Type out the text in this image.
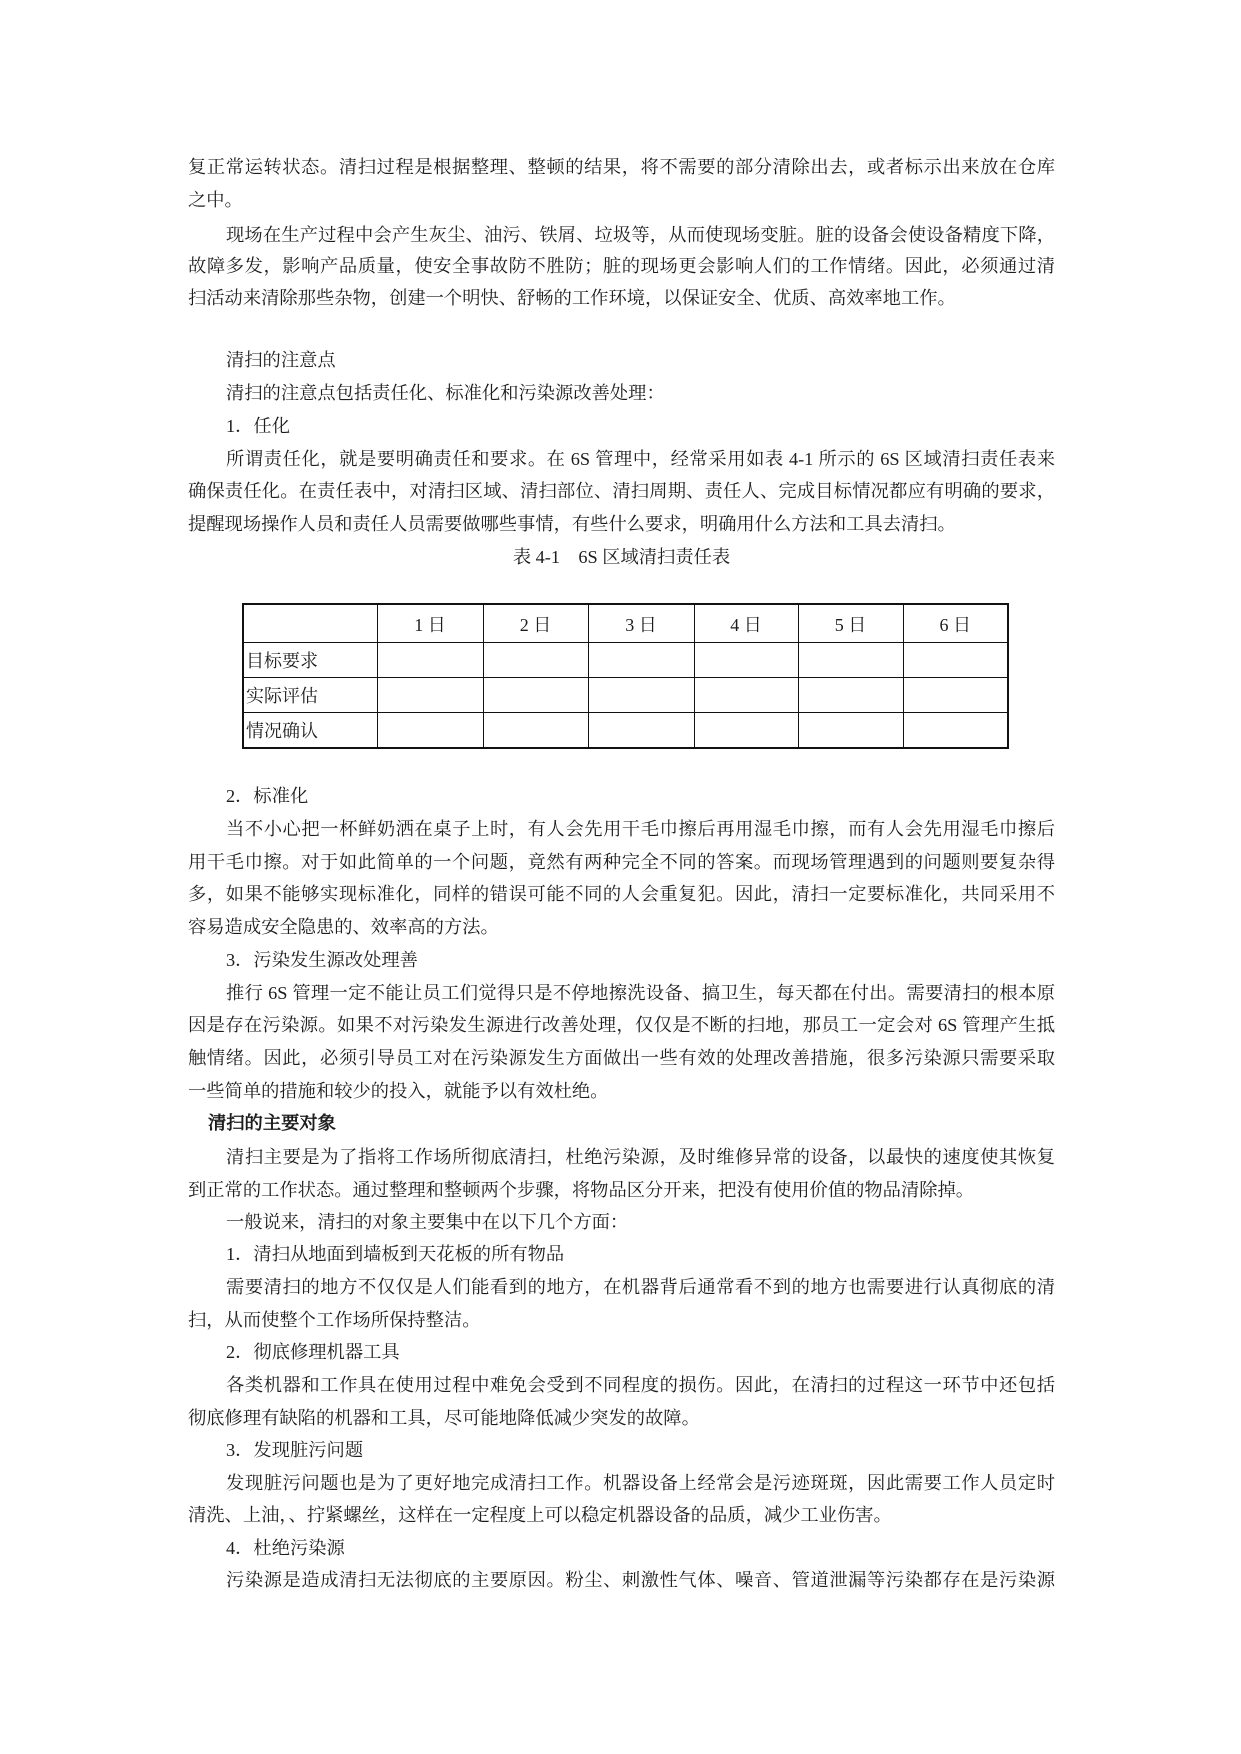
复正常运转状态。清扫过程是根据整理、整顿的结果，将不需要的部分清除出去，或者标示出来放在仓库
之中。
现场在生产过程中会产生灰尘、油污、铁屑、垃圾等，从而使现场变脏。脏的设备会使设备精度下降，
故障多发，影响产品质量，使安全事故防不胜防；脏的现场更会影响人们的工作情绪。因此，必须通过清
扫活动来清除那些杂物，创建一个明快、舒畅的工作环境，以保证安全、优质、高效率地工作。
清扫的注意点
清扫的注意点包括责任化、标准化和污染源改善处理：
1．任化
所谓责任化，就是要明确责任和要求。在 6S 管理中，经常采用如表 4-1 所示的 6S 区域清扫责任表来
确保责任化。在责任表中，对清扫区域、清扫部位、清扫周期、责任人、完成目标情况都应有明确的要求，
提醒现场操作人员和责任人员需要做哪些事情，有些什么要求，明确用什么方法和工具去清扫。
表 4-1　6S 区域清扫责任表
	1 日	2 日	3 日	4 日	5 日	6 日
目标要求						
实际评估						
情况确认						
2．标准化
当不小心把一杯鲜奶洒在桌子上时，有人会先用干毛巾擦后再用湿毛巾擦，而有人会先用湿毛巾擦后
用干毛巾擦。对于如此简单的一个问题，竟然有两种完全不同的答案。而现场管理遇到的问题则要复杂得
多，如果不能够实现标准化，同样的错误可能不同的人会重复犯。因此，清扫一定要标准化，共同采用不
容易造成安全隐患的、效率高的方法。
3．污染发生源改处理善
推行 6S 管理一定不能让员工们觉得只是不停地擦洗设备、搞卫生，每天都在付出。需要清扫的根本原
因是存在污染源。如果不对污染发生源进行改善处理，仅仅是不断的扫地，那员工一定会对 6S 管理产生抵
触情绪。因此，必须引导员工对在污染源发生方面做出一些有效的处理改善措施，很多污染源只需要采取
一些简单的措施和较少的投入，就能予以有效杜绝。
清扫的主要对象
清扫主要是为了指将工作场所彻底清扫，杜绝污染源，及时维修异常的设备，以最快的速度使其恢复
到正常的工作状态。通过整理和整顿两个步骤，将物品区分开来，把没有使用价值的物品清除掉。
一般说来，清扫的对象主要集中在以下几个方面：
1．清扫从地面到墙板到天花板的所有物品
需要清扫的地方不仅仅是人们能看到的地方，在机器背后通常看不到的地方也需要进行认真彻底的清
扫，从而使整个工作场所保持整洁。
2．彻底修理机器工具
各类机器和工作具在使用过程中难免会受到不同程度的损伤。因此，在清扫的过程这一环节中还包括
彻底修理有缺陷的机器和工具，尽可能地降低减少突发的故障。
3．发现脏污问题
发现脏污问题也是为了更好地完成清扫工作。机器设备上经常会是污迹斑斑，因此需要工作人员定时
清洗、上油，、拧紧螺丝，这样在一定程度上可以稳定机器设备的品质，减少工业伤害。
4．杜绝污染源
污染源是造成清扫无法彻底的主要原因。粉尘、刺激性气体、噪音、管道泄漏等污染都存在是污染源
